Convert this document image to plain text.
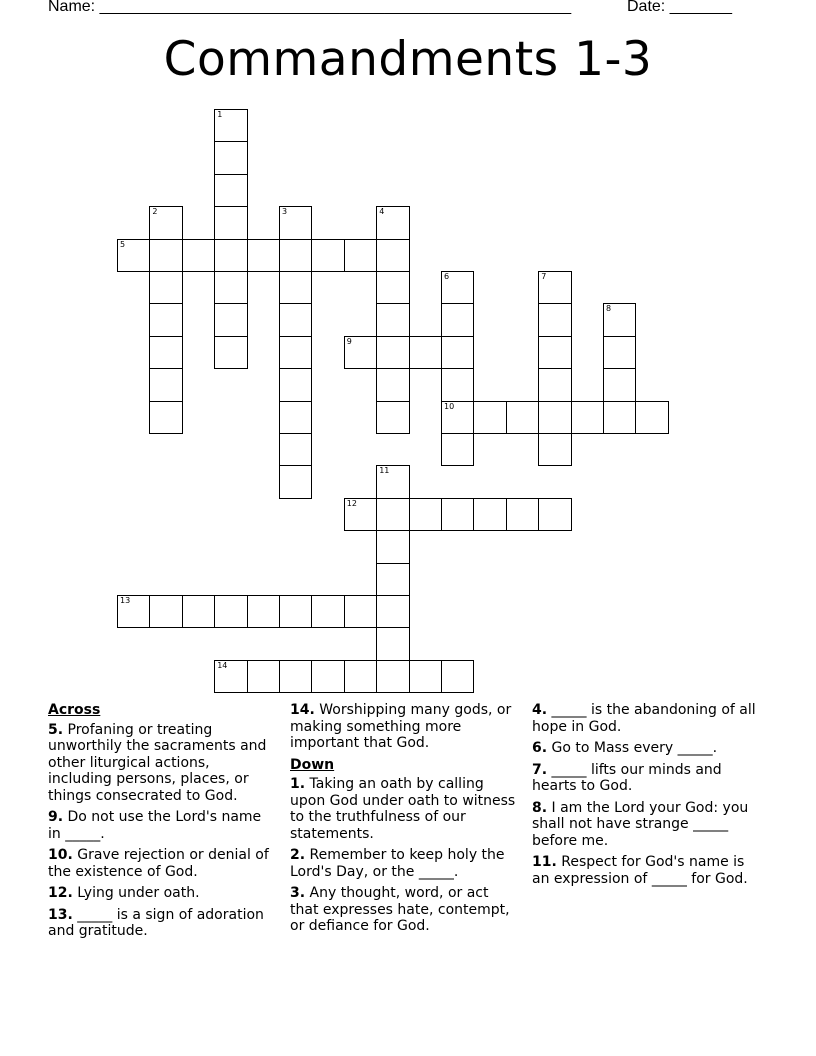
Name: _____________________________________________________	Date: _______
Commandments 1-3
1
2	3	4
5
6
10
7
8
9
11
12
13
14
Across
5. Profaning or treating unworthily the sacraments and other liturgical actions, including persons, places, or things consecrated to God.
9. Do not use the Lord's name in _____.
10. Grave rejection or denial of the existence of God.
12. Lying under oath.
13. _____ is a sign of adoration and gratitude.
14. Worshipping many gods, or making something more important that God.
Down
1. Taking an oath by calling upon God under oath to witness to the truthfulness of our statements.
2. Remember to keep holy the Lord's Day, or the _____.
3. Any thought, word, or act that expresses hate, contempt, or defiance for God.
4. _____ is the abandoning of all hope in God.
6. Go to Mass every _____.
7. _____ lifts our minds and hearts to God.
8. I am the Lord your God: you shall not have strange _____ before me.
11. Respect for God's name is an expression of _____ for God.
